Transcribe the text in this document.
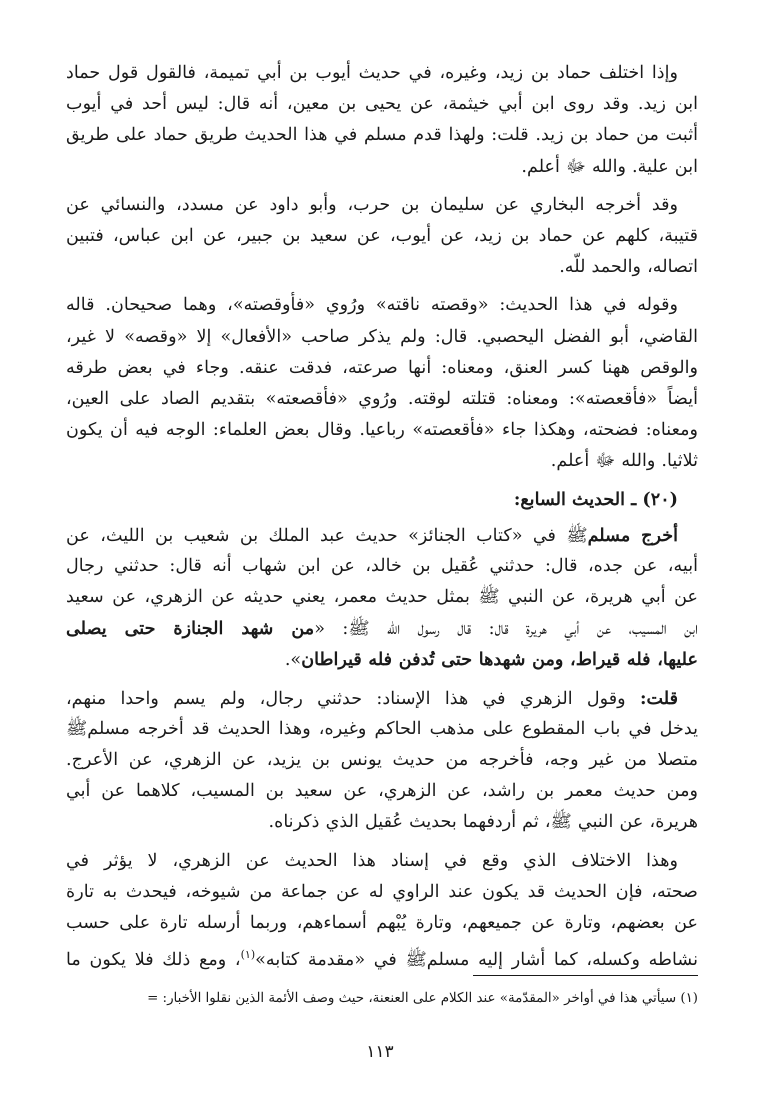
وإذا اختلف حماد بن زيد، وغيره، في حديث أيوب بن أبي تميمة، فالقول قول حماد
ابن زيد. وقد روى ابن أبي خيثمة، عن يحيى بن معين، أنه قال: ليس أحد في أيوب
أثبت من حماد بن زيد. قلت: ولهذا قدم مسلم في هذا الحديث طريق حماد على طريق
ابن علية. والله ﷻ أعلم.
وقد أخرجه البخاري عن سليمان بن حرب، وأبو داود عن مسدد، والنسائي عن
قتيبة، كلهم عن حماد بن زيد، عن أيوب، عن سعيد بن جبير، عن ابن عباس، فتبين
اتصاله، والحمد للّه.
وقوله في هذا الحديث: «وقصته ناقته» ورُوي «فأوقصته»، وهما صحيحان. قاله
القاضي، أبو الفضل اليحصبي. قال: ولم يذكر صاحب «الأفعال» إلا «وقصه» لا غير،
والوقص ههنا كسر العنق، ومعناه: أنها صرعته، فدقت عنقه. وجاء في بعض طرقه
أيضاً «فأقعصته»: ومعناه: قتلته لوقته. ورُوي «فأقصعته» بتقديم الصاد على العين،
ومعناه: فضحته، وهكذا جاء «فأقعصته» رباعيا. وقال بعض العلماء: الوجه فيه أن يكون
ثلاثيا. والله ﷻ أعلم.
(٢٠) ـ الحديث السابع:
أخرج مسلمﷺ في «كتاب الجنائز» حديث عبد الملك بن شعيب بن الليث، عن
أبيه، عن جده، قال: حدثني عُقيل بن خالد، عن ابن شهاب أنه قال: حدثني رجال
عن أبي هريرة، عن النبي ﷺ بمثل حديث معمر، يعني حديثه عن الزهري، عن سعيد
ابن المسيب، عن أبي هريرة قال: قال رسول الله ﷺ: «من شهد الجنازة حتى يصلى
عليها، فله قيراط، ومن شهدها حتى تُدفن فله قيراطان».
قلت: وقول الزهري في هذا الإسناد: حدثني رجال، ولم يسم واحدا منهم،
يدخل في باب المقطوع على مذهب الحاكم وغيره، وهذا الحديث قد أخرجه مسلمﷺ
متصلا من غير وجه، فأخرجه من حديث يونس بن يزيد، عن الزهري، عن الأعرج.
ومن حديث معمر بن راشد، عن الزهري، عن سعيد بن المسيب، كلاهما عن أبي
هريرة، عن النبي ﷺ، ثم أردفهما بحديث عُقيل الذي ذكرناه.
وهذا الاختلاف الذي وقع في إسناد هذا الحديث عن الزهري، لا يؤثر في
صحته، فإن الحديث قد يكون عند الراوي له عن جماعة من شيوخه، فيحدث به تارة
عن بعضهم، وتارة عن جميعهم، وتارة يُبْهم أسماءهم، وربما أرسله تارة على حسب
نشاطه وكسله، كما أشار إليه مسلمﷺ في «مقدمة كتابه»$^{(١)}$، ومع ذلك فلا يكون ما
(١) سيأتي هذا في أواخر «المقدّمة» عند الكلام على العنعنة، حيث وصف الأئمة الذين نقلوا الأخبار: =
١١٣
